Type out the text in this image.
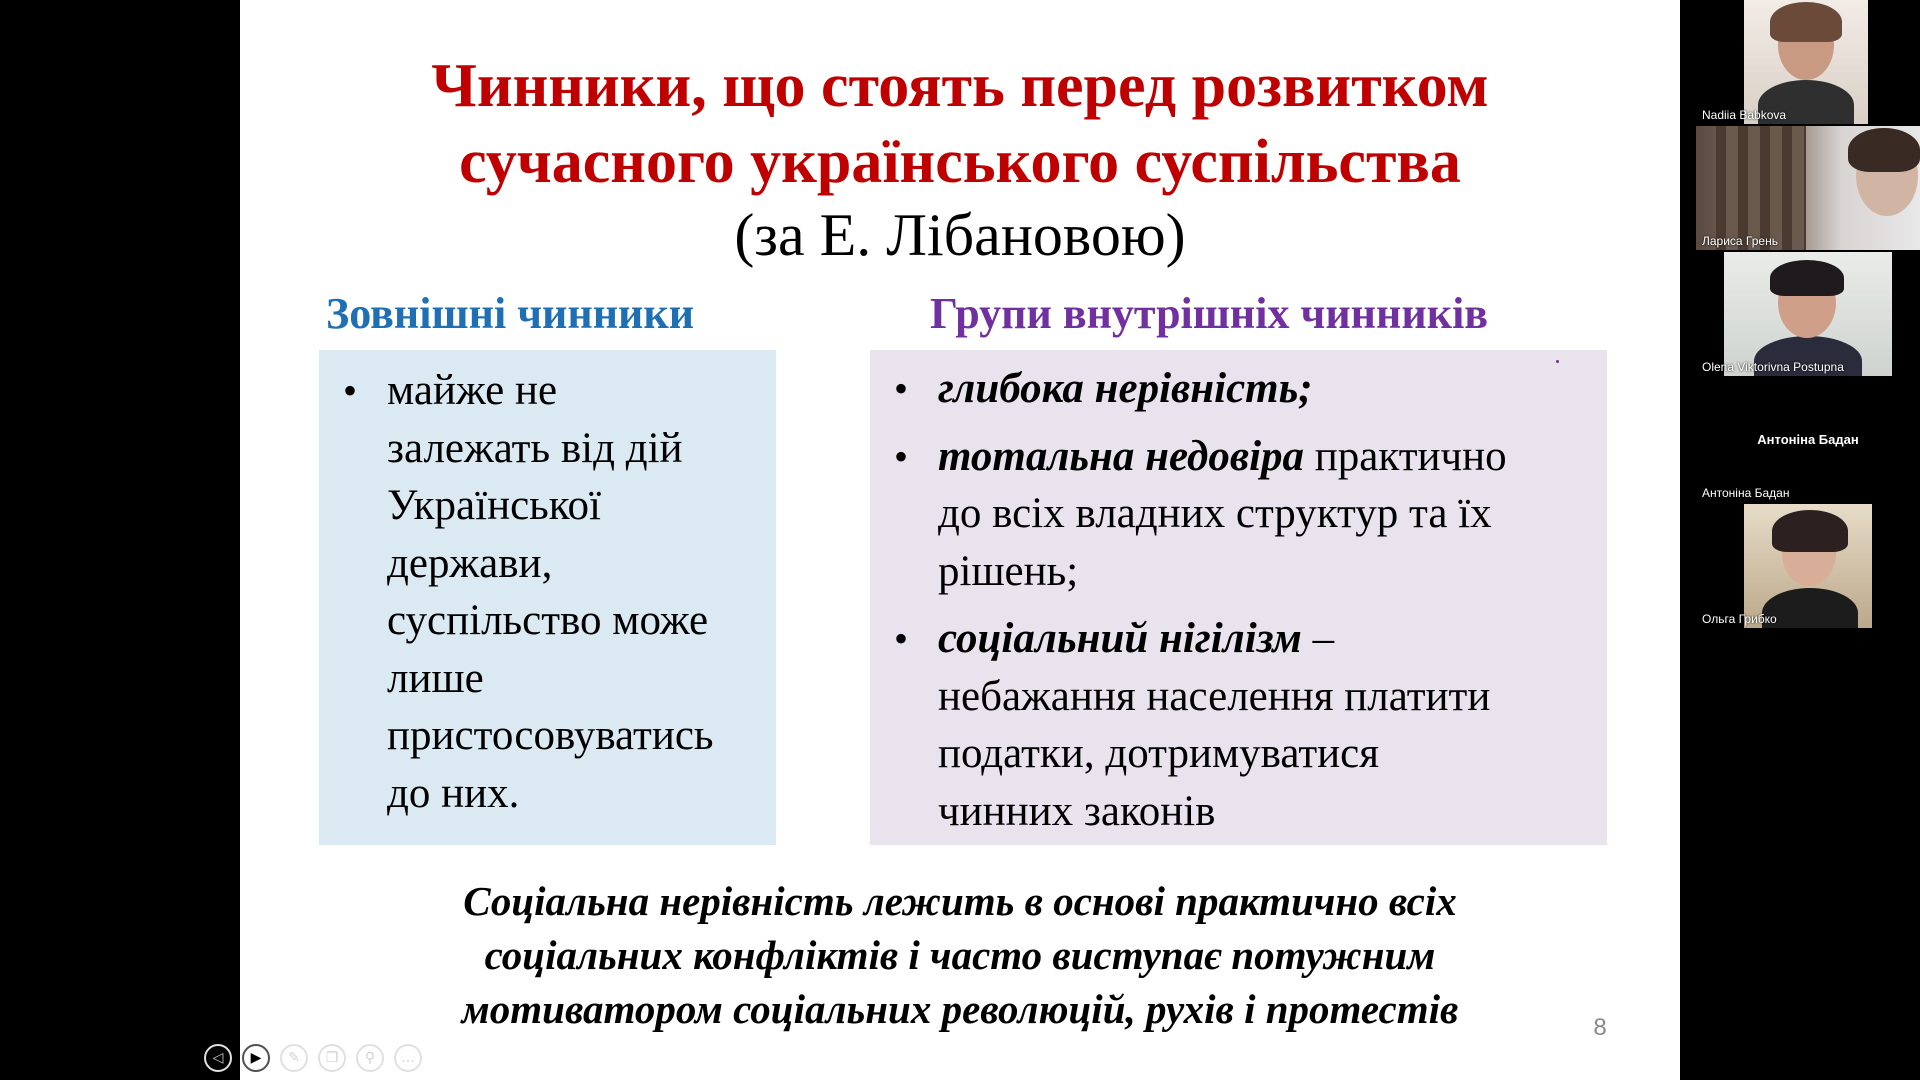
Чинники, що стоять перед розвитком
сучасного українського суспільства
(за Е. Лібановою)
Зовнішні чинники	Групи внутрішніх чинників
• майже не
залежать від дій
Української
держави,
суспільство може
лише
пристосовуватись
до них.
• глибока нерівність;
• тотальна недовіра практично
до всіх владних структур та їх
рішень;
• соціальний нігілізм –
небажання населення платити
податки, дотримуватися
чинних законів
Соціальна нерівність лежить в основі практично всіх
соціальних конфліктів і часто виступає потужним
мотиватором соціальних революцій, рухів і протестів	8
◁	▶	✎	❐	⚲	…
Nadiia Babkova
Лариса Грень
Olena Viktorivna Postupna
Антоніна Бадан
Антоніна Бадан
Ольга Грибко
